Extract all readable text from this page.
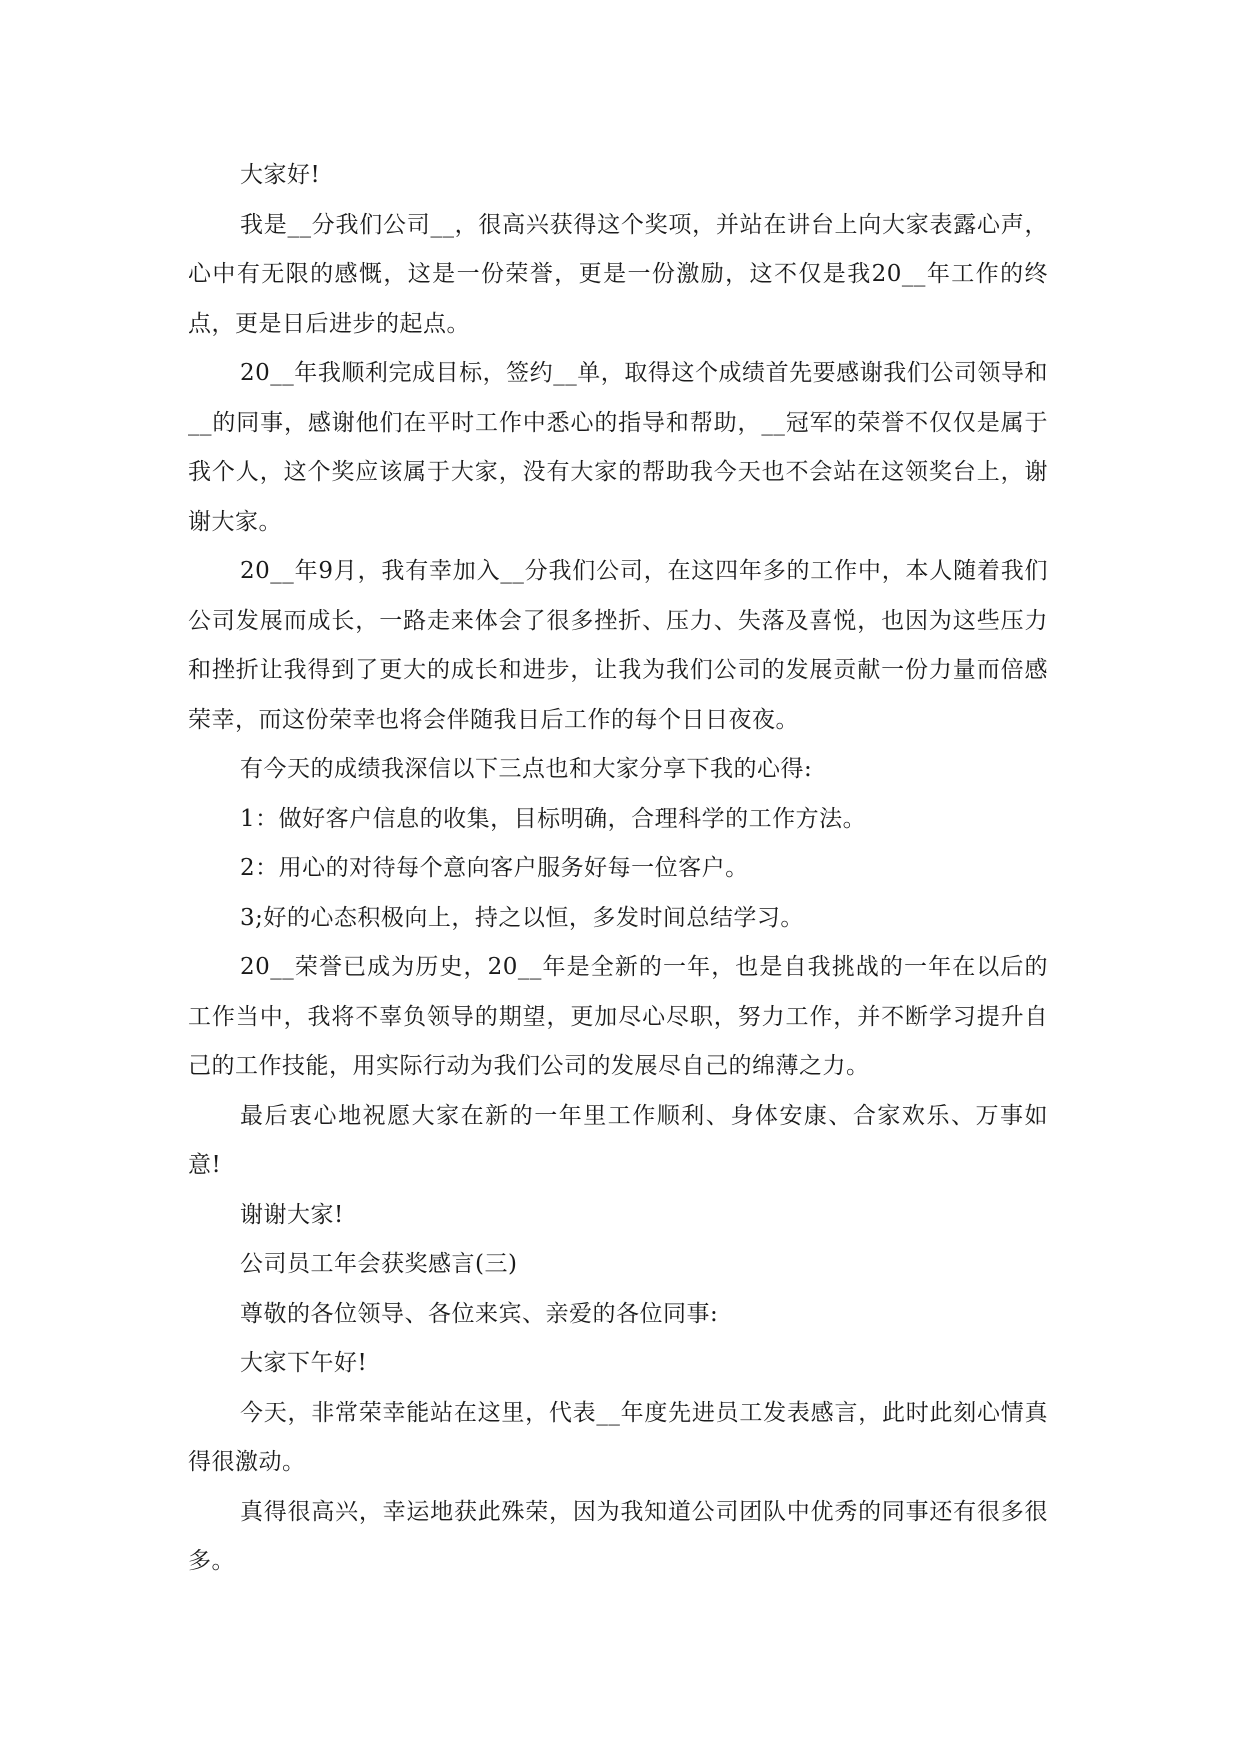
大家好!

我是__分我们公司__，很高兴获得这个奖项，并站在讲台上向大家表露心声，心中有无限的感慨，这是一份荣誉，更是一份激励，这不仅是我20__年工作的终点，更是日后进步的起点。

20__年我顺利完成目标，签约__单，取得这个成绩首先要感谢我们公司领导和__的同事，感谢他们在平时工作中悉心的指导和帮助，__冠军的荣誉不仅仅是属于我个人，这个奖应该属于大家，没有大家的帮助我今天也不会站在这领奖台上，谢谢大家。

20__年9月，我有幸加入__分我们公司，在这四年多的工作中，本人随着我们公司发展而成长，一路走来体会了很多挫折、压力、失落及喜悦，也因为这些压力和挫折让我得到了更大的成长和进步，让我为我们公司的发展贡献一份力量而倍感荣幸，而这份荣幸也将会伴随我日后工作的每个日日夜夜。

有今天的成绩我深信以下三点也和大家分享下我的心得:

1：做好客户信息的收集，目标明确，合理科学的工作方法。

2：用心的对待每个意向客户服务好每一位客户。

3;好的心态积极向上，持之以恒，多发时间总结学习。

20__荣誉已成为历史，20__年是全新的一年，也是自我挑战的一年在以后的工作当中，我将不辜负领导的期望，更加尽心尽职，努力工作，并不断学习提升自己的工作技能，用实际行动为我们公司的发展尽自己的绵薄之力。

最后衷心地祝愿大家在新的一年里工作顺利、身体安康、合家欢乐、万事如意!

谢谢大家!

公司员工年会获奖感言(三)

尊敬的各位领导、各位来宾、亲爱的各位同事:

大家下午好!

今天，非常荣幸能站在这里，代表__年度先进员工发表感言，此时此刻心情真得很激动。

真得很高兴，幸运地获此殊荣，因为我知道公司团队中优秀的同事还有很多很多。
